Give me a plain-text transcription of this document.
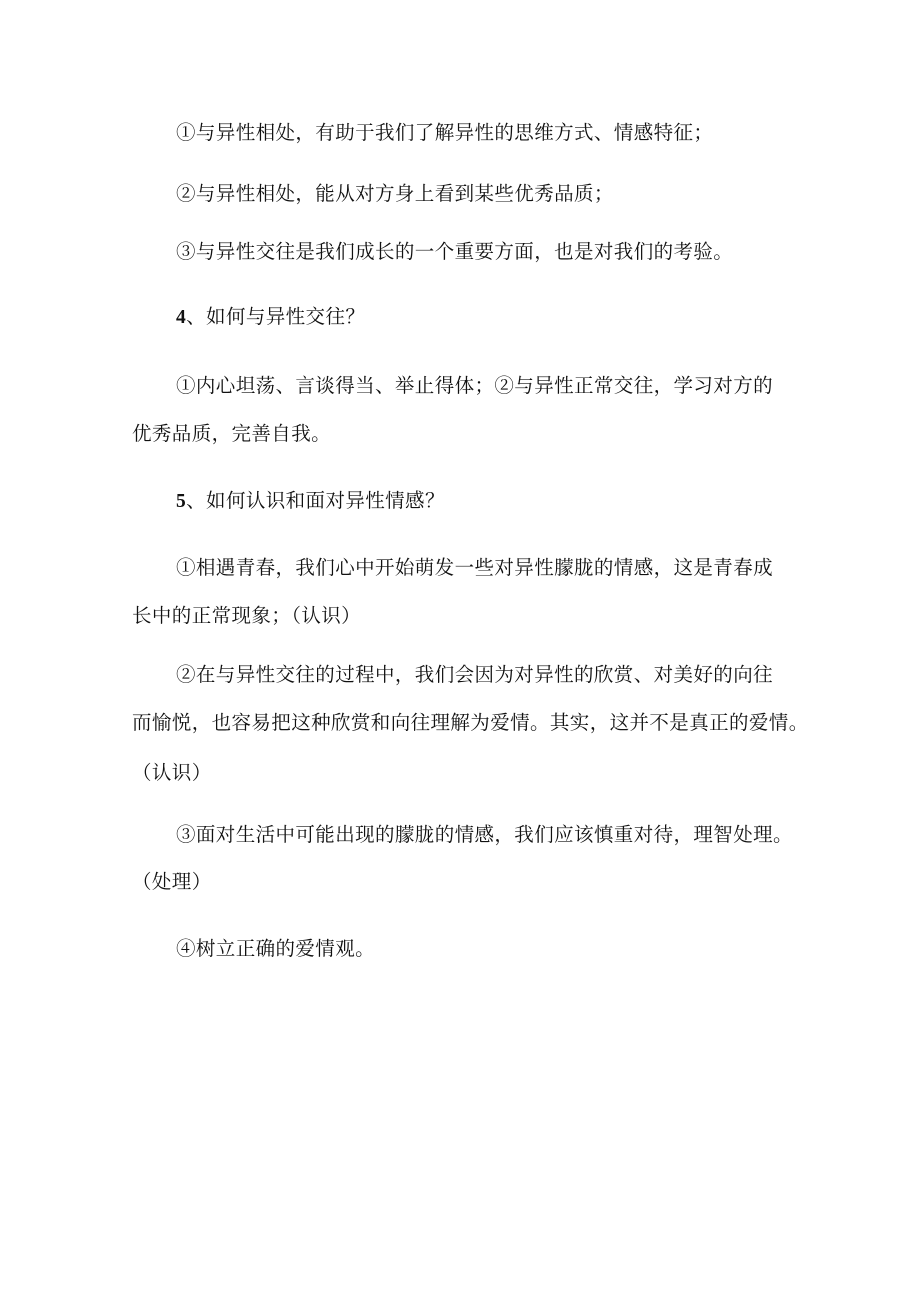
①与异性相处，有助于我们了解异性的思维方式、情感特征；
②与异性相处，能从对方身上看到某些优秀品质；
③与异性交往是我们成长的一个重要方面，也是对我们的考验。
4、如何与异性交往？
①内心坦荡、言谈得当、举止得体；②与异性正常交往，学习对方的
优秀品质，完善自我。
5、如何认识和面对异性情感？
①相遇青春，我们心中开始萌发一些对异性朦胧的情感，这是青春成
长中的正常现象；（认识）
②在与异性交往的过程中，我们会因为对异性的欣赏、对美好的向往
而愉悦，也容易把这种欣赏和向往理解为爱情。其实，这并不是真正的爱情。
（认识）
③面对生活中可能出现的朦胧的情感，我们应该慎重对待，理智处理。
（处理）
④树立正确的爱情观。
